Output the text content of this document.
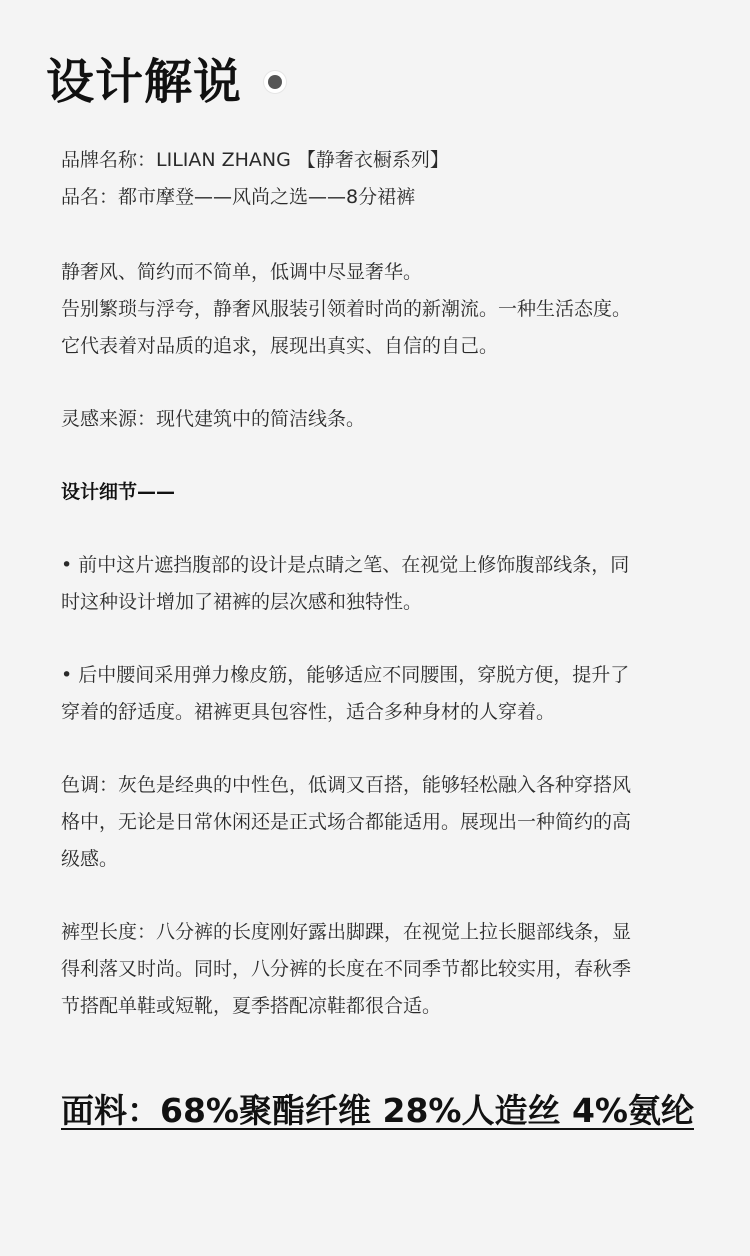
设计解说
品牌名称：LILIAN ZHANG 【静奢衣橱系列】
品名：都市摩登——风尚之选——8分裙裤
静奢风、简约而不简单，低调中尽显奢华。
告别繁琐与浮夸，静奢风服装引领着时尚的新潮流。一种生活态度。
它代表着对品质的追求，展现出真实、自信的自己。
灵感来源：现代建筑中的简洁线条。
设计细节——
• 前中这片遮挡腹部的设计是点睛之笔、在视觉上修饰腹部线条，同
时这种设计增加了裙裤的层次感和独特性。
• 后中腰间采用弹力橡皮筋，能够适应不同腰围，穿脱方便，提升了
穿着的舒适度。裙裤更具包容性，适合多种身材的人穿着。
色调：灰色是经典的中性色，低调又百搭，能够轻松融入各种穿搭风
格中，无论是日常休闲还是正式场合都能适用。展现出一种简约的高
级感。
裤型长度：八分裤的长度刚好露出脚踝，在视觉上拉长腿部线条，显
得利落又时尚。同时，八分裤的长度在不同季节都比较实用，春秋季
节搭配单鞋或短靴，夏季搭配凉鞋都很合适。
面料：68%聚酯纤维 28%人造丝 4%氨纶
